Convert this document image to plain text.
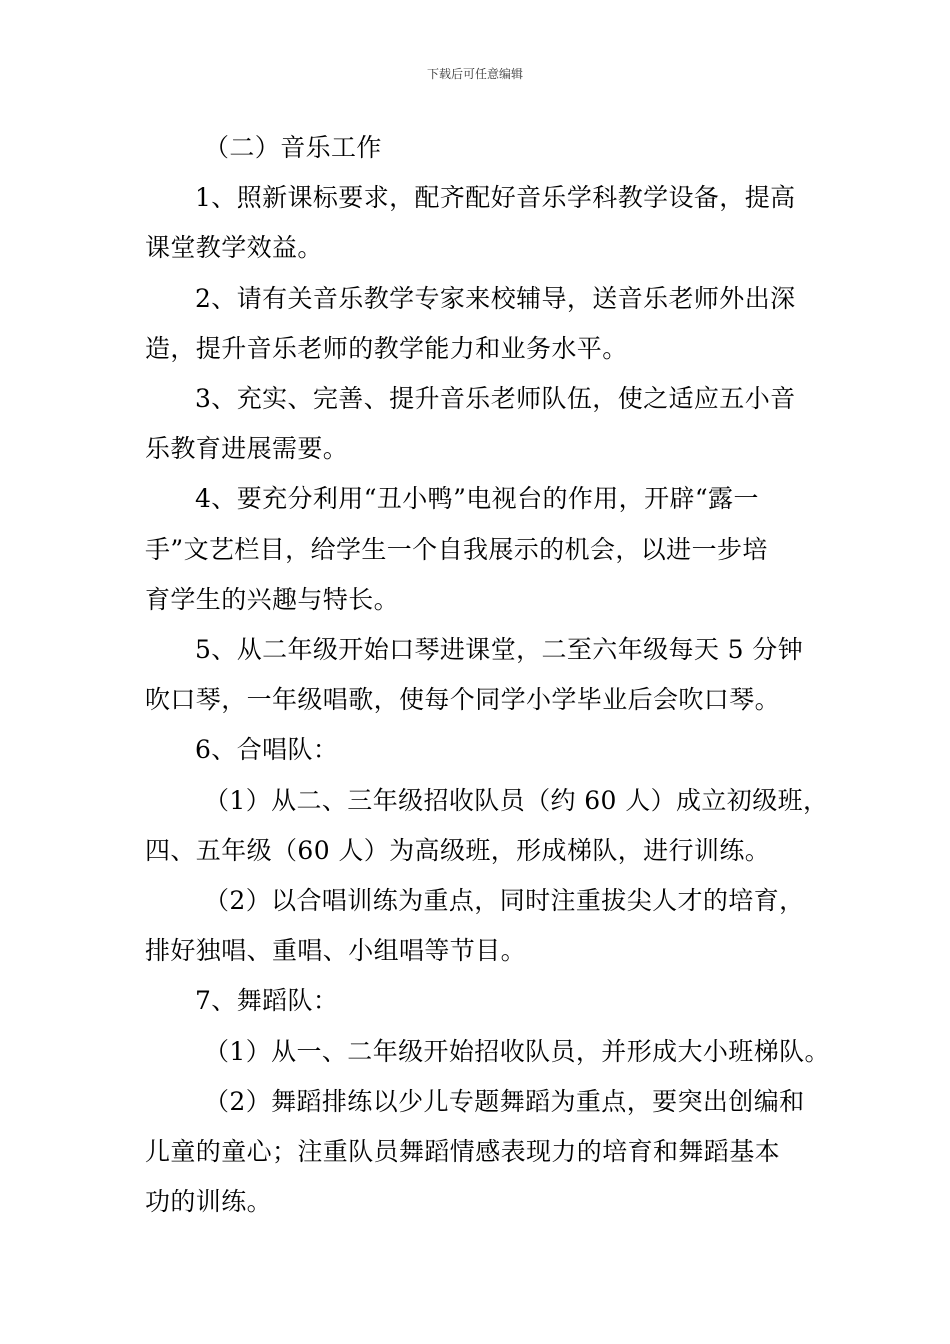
下载后可任意编辑
（二）音乐工作
1、照新课标要求，配齐配好音乐学科教学设备，提高
课堂教学效益。
2、请有关音乐教学专家来校辅导，送音乐老师外出深
造，提升音乐老师的教学能力和业务水平。
3、充实、完善、提升音乐老师队伍，使之适应五小音
乐教育进展需要。
4、要充分利用“丑小鸭”电视台的作用，开辟“露一
手”文艺栏目，给学生一个自我展示的机会，以进一步培
育学生的兴趣与特长。
5、从二年级开始口琴进课堂，二至六年级每天 5 分钟
吹口琴，一年级唱歌，使每个同学小学毕业后会吹口琴。
6、合唱队：
（1）从二、三年级招收队员（约 60 人）成立初级班，
四、五年级（60 人）为高级班，形成梯队，进行训练。
（2）以合唱训练为重点，同时注重拔尖人才的培育，
排好独唱、重唱、小组唱等节目。
7、舞蹈队：
（1）从一、二年级开始招收队员，并形成大小班梯队。
（2）舞蹈排练以少儿专题舞蹈为重点，要突出创编和
儿童的童心；注重队员舞蹈情感表现力的培育和舞蹈基本
功的训练。
